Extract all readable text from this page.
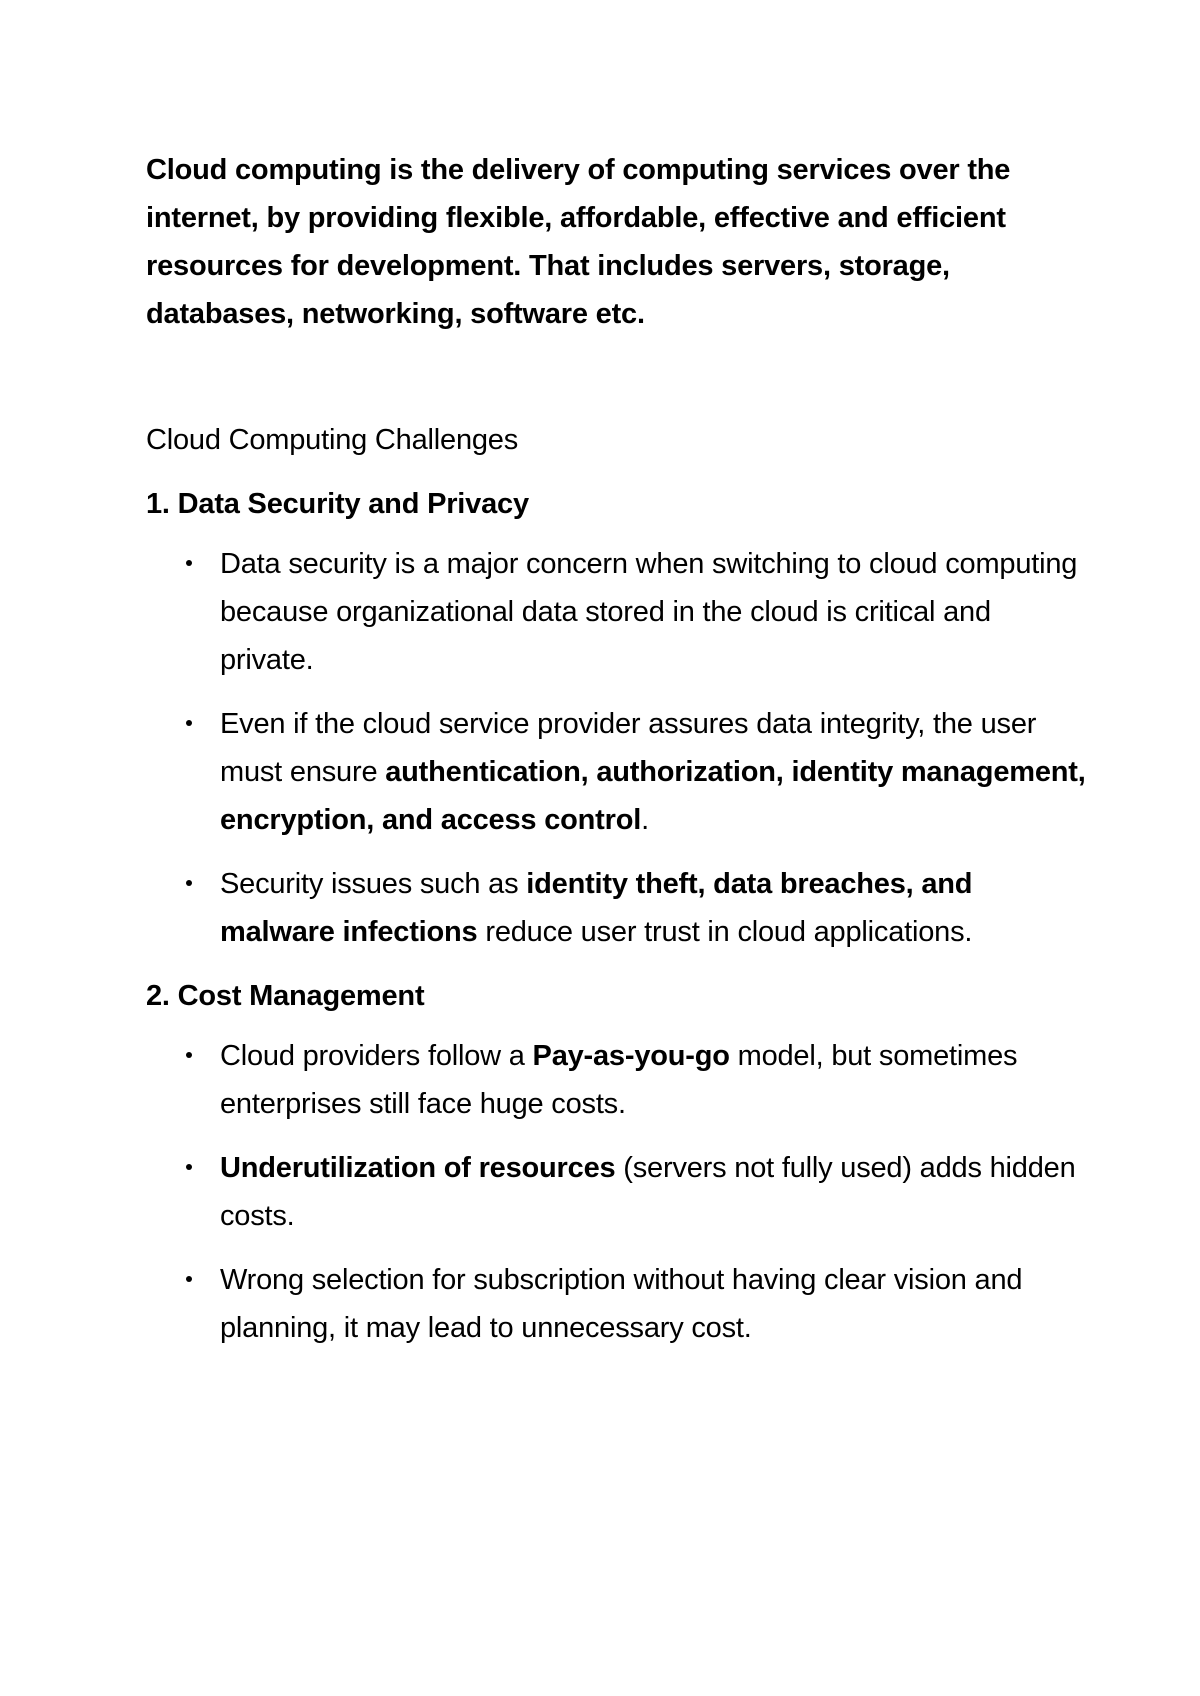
Cloud computing is the delivery of computing services over the internet, by providing flexible, affordable, effective and efficient resources for development. That includes servers, storage, databases, networking, software etc.

Cloud Computing Challenges

1. Data Security and Privacy

Data security is a major concern when switching to cloud computing because organizational data stored in the cloud is critical and private.
Even if the cloud service provider assures data integrity, the user must ensure authentication, authorization, identity management, encryption, and access control.
Security issues such as identity theft, data breaches, and malware infections reduce user trust in cloud applications.

2. Cost Management

Cloud providers follow a Pay-as-you-go model, but sometimes enterprises still face huge costs.
Underutilization of resources (servers not fully used) adds hidden costs.
Wrong selection for subscription without having clear vision and planning, it may lead to unnecessary cost.
